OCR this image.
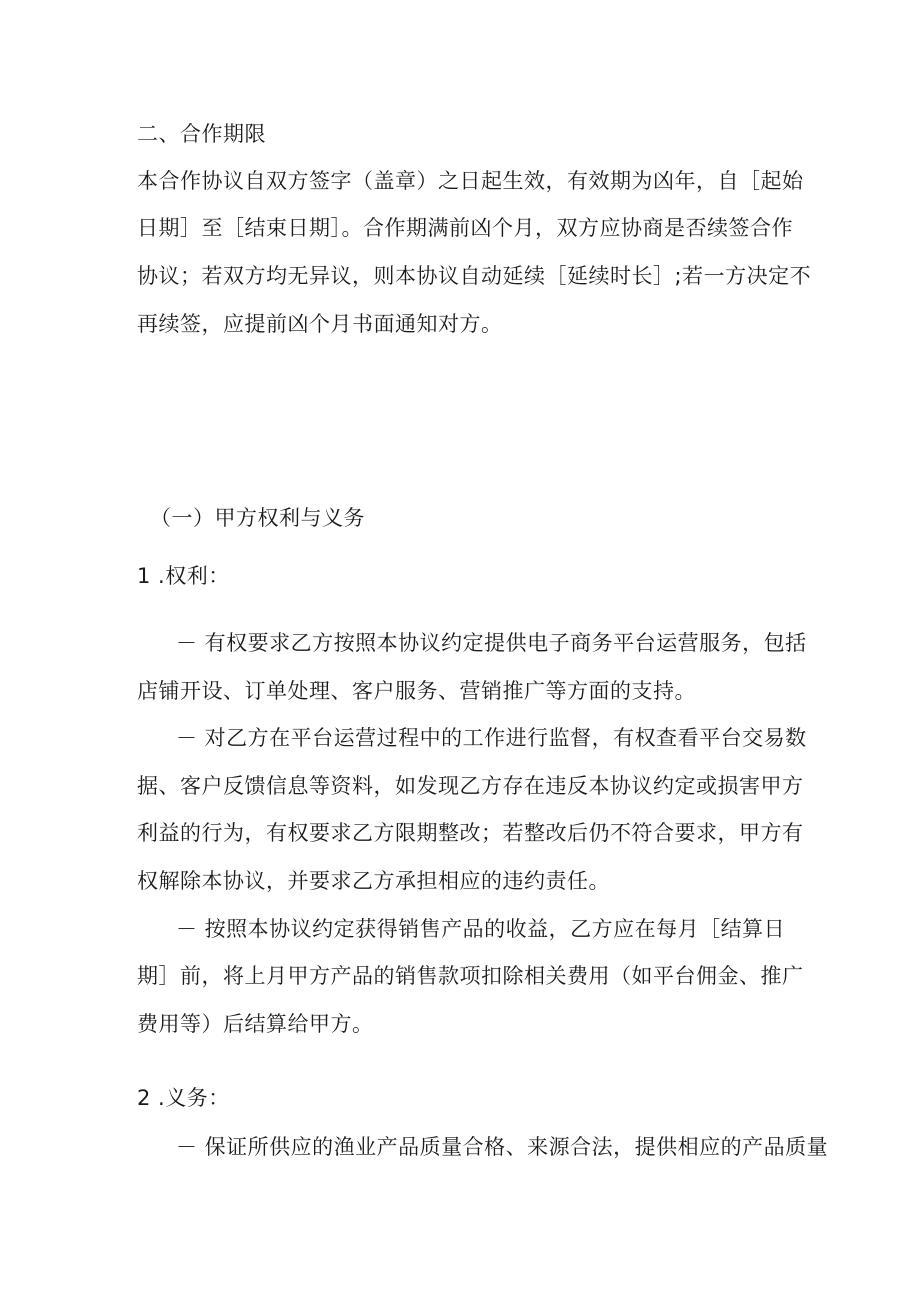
二、合作期限
本合作协议自双方签字（盖章）之日起生效，有效期为凶年，自［起始
日期］至［结束日期］。合作期满前凶个月，双方应协商是否续签合作
协议；若双方均无异议，则本协议自动延续［延续时长］;若一方决定不
再续签，应提前凶个月书面通知对方。
（一）甲方权利与义务
1 .权利：
－ 有权要求乙方按照本协议约定提供电子商务平台运营服务，包括
店铺开设、订单处理、客户服务、营销推广等方面的支持。
－ 对乙方在平台运营过程中的工作进行监督，有权查看平台交易数
据、客户反馈信息等资料，如发现乙方存在违反本协议约定或损害甲方
利益的行为，有权要求乙方限期整改；若整改后仍不符合要求，甲方有
权解除本协议，并要求乙方承担相应的违约责任。
－ 按照本协议约定获得销售产品的收益，乙方应在每月［结算日
期］前，将上月甲方产品的销售款项扣除相关费用（如平台佣金、推广
费用等）后结算给甲方。
2 .义务：
－ 保证所供应的渔业产品质量合格、来源合法，提供相应的产品质量
